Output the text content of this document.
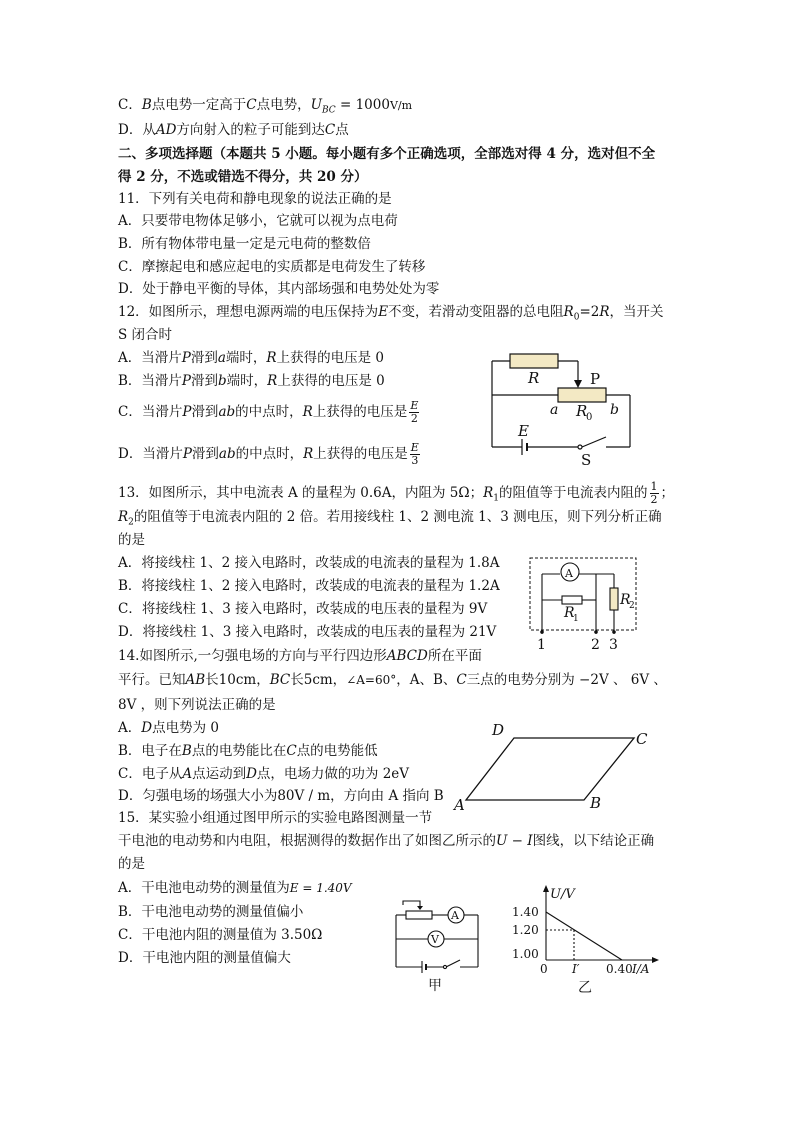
C．B点电势一定高于C点电势，$U_{BC} = 1000V/m$
D．从AD方向射入的粒子可能到达C点
二、多项选择题（本题共 5 小题。每小题有多个正确选项，全部选对得 4 分，选对但不全
得 2 分，不选或错选不得分，共 20 分）
11．下列有关电荷和静电现象的说法正确的是
A．只要带电物体足够小，它就可以视为点电荷
B．所有物体带电量一定是元电荷的整数倍
C．摩擦起电和感应起电的实质都是电荷发生了转移
D．处于静电平衡的导体，其内部场强和电势处处为零
12．如图所示，理想电源两端的电压保持为E不变，若滑动变阻器的总电阻$R_0=2R$，当开关
S 闭合时
A．当滑片P滑到a端时，R上获得的电压是 0
B．当滑片P滑到b端时，R上获得的电压是 0
C．当滑片P滑到ab的中点时，R上获得的电压是 $\frac{E}{2}$
D．当滑片P滑到ab的中点时，R上获得的电压是 $\frac{E}{3}$
R	P
a R
0 b
E
S
13．如图所示，其中电流表 A 的量程为 0.6A，内阻为 5Ω；$R_1$的阻值等于电流表内阻的 $\frac{1}{2}$ ；
$R_2$的阻值等于电流表内阻的 2 倍。若用接线柱 1、2 测电流 1、3 测电压，则下列分析正确
的是
A．将接线柱 1、2 接入电路时，改装成的电流表的量程为 1.8A
B．将接线柱 1、2 接入电路时，改装成的电流表的量程为 1.2A
C．将接线柱 1、3 接入电路时，改装成的电压表的量程为 9V
D．将接线柱 1、3 接入电路时，改装成的电压表的量程为 21V
A
R
1
R
2
1	2 3
14.如图所示,一匀强电场的方向与平行四边形ABCD所在平面
平行。已知AB长10cm，BC长5cm，∠A=60°，A、B、C三点的电势分别为 −2V 、 6V 、
8V ，则下列说法正确的是
A．D点电势为 0
B．电子在B点的电势能比在C点的电势能低
C．电子从A点运动到D点，电场力做的功为 2eV
D．匀强电场的场强大小为80V / m，方向由 A 指向 B
D	C
A	B
15．某实验小组通过图甲所示的实验电路图测量一节
干电池的电动势和内电阻，根据测得的数据作出了如图乙所示的U − I图线，以下结论正确
的是
A．干电池电动势的测量值为E = 1.40V
B．干电池电动势的测量值偏小
C．干电池内阻的测量值为 3.50Ω
D．干电池内阻的测量值偏大
A
V
甲
U/V
1.40
1.20
1.00
0 I′ 0.40 I/A
乙
